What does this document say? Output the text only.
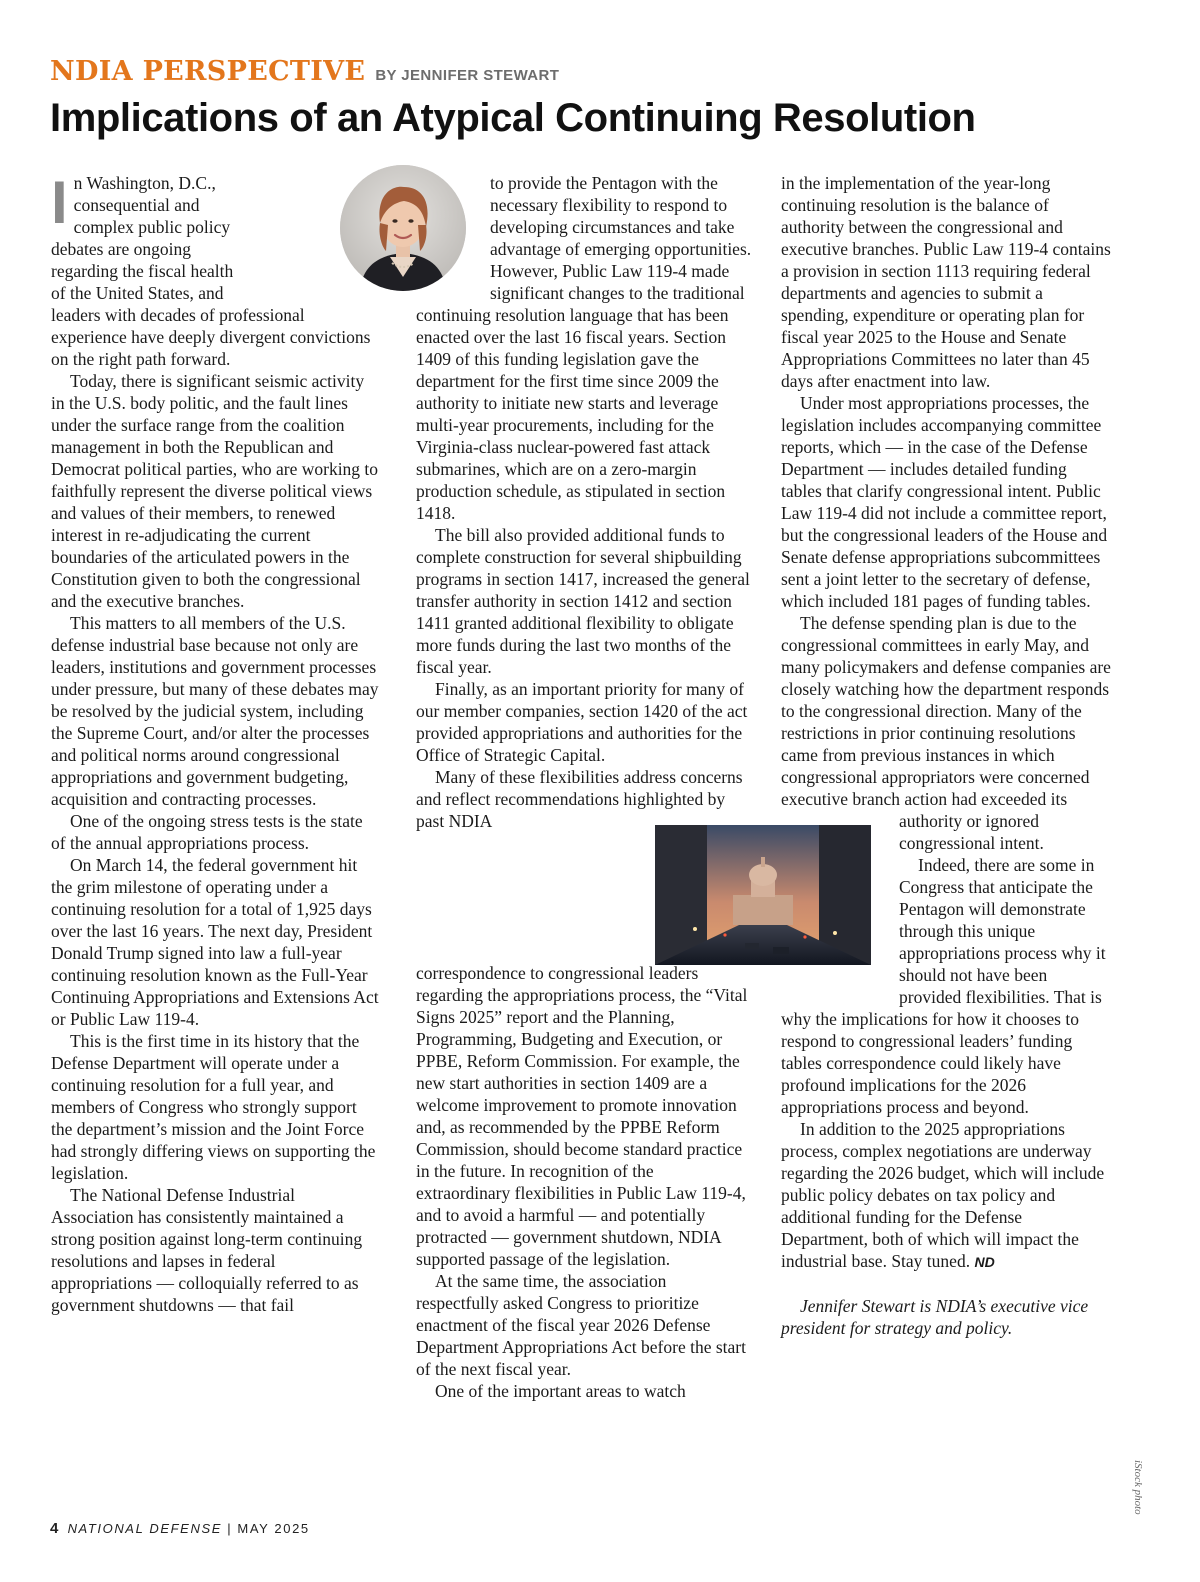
NDIA PERSPECTIVE BY JENNIFER STEWART
Implications of an Atypical Continuing Resolution

In Washington, D.C., consequential and complex public policy debates are ongoing regarding the fiscal health of the United States, and leaders with decades of professional experience have deeply divergent convictions on the right path forward.

Today, there is significant seismic activity in the U.S. body politic, and the fault lines under the surface range from the coalition management in both the Republican and Democrat political parties, who are working to faithfully represent the diverse political views and values of their members, to renewed interest in re-adjudicating the current boundaries of the articulated powers in the Constitution given to both the congressional and the executive branches.

This matters to all members of the U.S. defense industrial base because not only are leaders, institutions and government processes under pressure, but many of these debates may be resolved by the judicial system, including the Supreme Court, and/or alter the processes and political norms around congressional appropriations and government budgeting, acquisition and contracting processes.

One of the ongoing stress tests is the state of the annual appropriations process.

On March 14, the federal government hit the grim milestone of operating under a continuing resolution for a total of 1,925 days over the last 16 years. The next day, President Donald Trump signed into law a full-year continuing resolution known as the Full-Year Continuing Appropriations and Extensions Act or Public Law 119-4.

This is the first time in its history that the Defense Department will operate under a continuing resolution for a full year, and members of Congress who strongly support the department’s mission and the Joint Force had strongly differing views on supporting the legislation.

The National Defense Industrial Association has consistently maintained a strong position against long-term continuing resolutions and lapses in federal appropriations — colloquially referred to as government shutdowns — that fail

to provide the Pentagon with the necessary flexibility to respond to developing circumstances and take advantage of emerging opportunities. However, Public Law 119-4 made significant changes to the traditional continuing resolution language that has been enacted over the last 16 fiscal years. Section 1409 of this funding legislation gave the department for the first time since 2009 the authority to initiate new starts and leverage multi-year procurements, including for the Virginia-class nuclear-powered fast attack submarines, which are on a zero-margin production schedule, as stipulated in section 1418.

The bill also provided additional funds to complete construction for several shipbuilding programs in section 1417, increased the general transfer authority in section 1412 and section 1411 granted additional flexibility to obligate more funds during the last two months of the fiscal year.

Finally, as an important priority for many of our member companies, section 1420 of the act provided appropriations and authorities for the Office of Strategic Capital.

Many of these flexibilities address concerns and reflect recommendations highlighted by past NDIA correspondence to congressional leaders regarding the appropriations process, the “Vital Signs 2025” report and the Planning, Programming, Budgeting and Execution, or PPBE, Reform Commission. For example, the new start authorities in section 1409 are a welcome improvement to promote innovation and, as recommended by the PPBE Reform Commission, should become standard practice in the future. In recognition of the extraordinary flexibilities in Public Law 119-4, and to avoid a harmful — and potentially protracted — government shutdown, NDIA supported passage of the legislation.

At the same time, the association respectfully asked Congress to prioritize enactment of the fiscal year 2026 Defense Department Appropriations Act before the start of the next fiscal year.

One of the important areas to watch

in the implementation of the year-long continuing resolution is the balance of authority between the congressional and executive branches. Public Law 119-4 contains a provision in section 1113 requiring federal departments and agencies to submit a spending, expenditure or operating plan for fiscal year 2025 to the House and Senate Appropriations Committees no later than 45 days after enactment into law.

Under most appropriations processes, the legislation includes accompanying committee reports, which — in the case of the Defense Department — includes detailed funding tables that clarify congressional intent. Public Law 119-4 did not include a committee report, but the congressional leaders of the House and Senate defense appropriations subcommittees sent a joint letter to the secretary of defense, which included 181 pages of funding tables.

The defense spending plan is due to the congressional committees in early May, and many policymakers and defense companies are closely watching how the department responds to the congressional direction. Many of the restrictions in prior continuing resolutions came from previous instances in which congressional appropriators were concerned executive branch action had exceeded its authority or ignored congressional intent.

Indeed, there are some in Congress that anticipate the Pentagon will demonstrate through this unique appropriations process why it should not have been provided flexibilities. That is why the implications for how it chooses to respond to congressional leaders’ funding tables correspondence could likely have profound implications for the 2026 appropriations process and beyond.

In addition to the 2025 appropriations process, complex negotiations are underway regarding the 2026 budget, which will include public policy debates on tax policy and additional funding for the Defense Department, both of which will impact the industrial base. Stay tuned. ND

Jennifer Stewart is NDIA’s executive vice president for strategy and policy.

iStock photo
4 NATIONAL DEFENSE | MAY 2025
